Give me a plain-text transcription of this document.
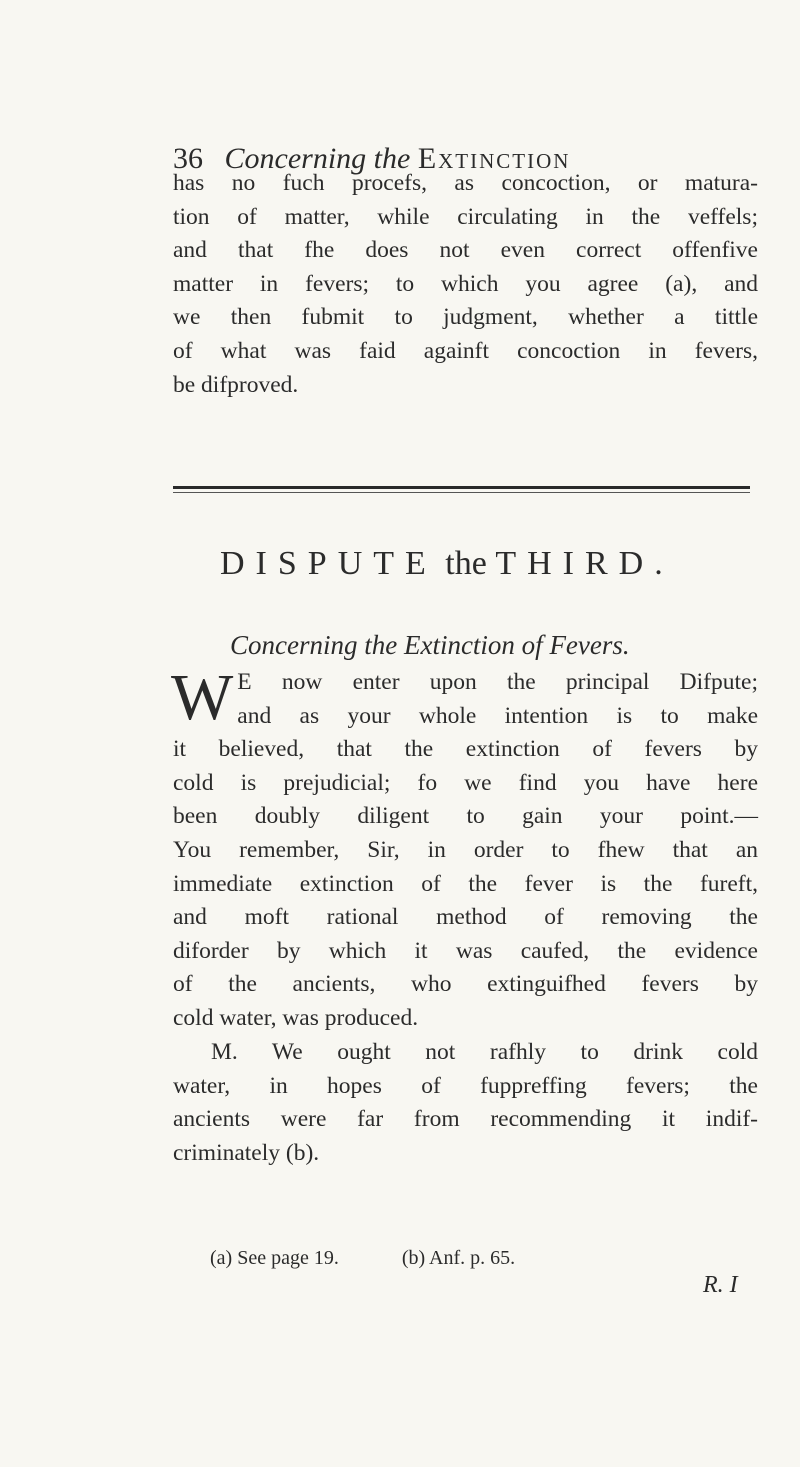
36 Concerning the Extinction
has no fuch procefs, as concoction, or matura-
tion of matter, while circulating in the veffels;
and that fhe does not even correct offenfive
matter in fevers; to which you agree (a), and
we then fubmit to judgment, whether a tittle
of what was faid againft concoction in fevers,
be difproved.
DISPUTE the THIRD.
Concerning the Extinction of Fevers.
W E now enter upon the principal Difpute;
and as your whole intention is to make
it believed, that the extinction of fevers by
cold is prejudicial; fo we find you have here
been doubly diligent to gain your point.—
You remember, Sir, in order to fhew that an
immediate extinction of the fever is the fureft,
and moft rational method of removing the
diforder by which it was caufed, the evidence
of the ancients, who extinguifhed fevers by
cold water, was produced.
M. We ought not rafhly to drink cold
water, in hopes of fuppreffing fevers; the
ancients were far from recommending it indif-
criminately (b).
(a) See page 19.	(b) Anf. p. 65.
R. I
